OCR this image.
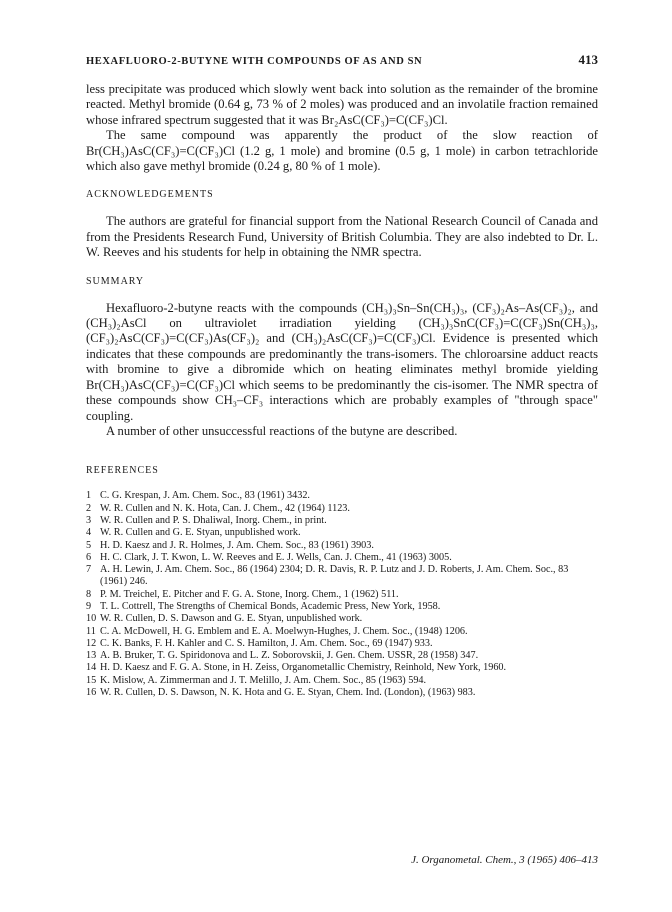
HEXAFLUORO-2-BUTYNE WITH COMPOUNDS OF AS AND SN	413

less precipitate was produced which slowly went back into solution as the remainder of the bromine reacted. Methyl bromide (0.64 g, 73 % of 2 moles) was produced and an involatile fraction remained whose infrared spectrum suggested that it was Br₂AsC(CF₃)=C(CF₃)Cl.

The same compound was apparently the product of the slow reaction of Br(CH₃)AsC(CF₃)=C(CF₃)Cl (1.2 g, 1 mole) and bromine (0.5 g, 1 mole) in carbon tetrachloride which also gave methyl bromide (0.24 g, 80 % of 1 mole).

ACKNOWLEDGEMENTS

The authors are grateful for financial support from the National Research Council of Canada and from the Presidents Research Fund, University of British Columbia. They are also indebted to Dr. L. W. Reeves and his students for help in obtaining the NMR spectra.

SUMMARY

Hexafluoro-2-butyne reacts with the compounds (CH₃)₃Sn–Sn(CH₃)₃, (CF₃)₂As–As(CF₃)₂, and (CH₃)₂AsCl on ultraviolet irradiation yielding (CH₃)₃SnC(CF₃)=C(CF₃)Sn(CH₃)₃, (CF₃)₂AsC(CF₃)=C(CF₃)As(CF₃)₂ and (CH₃)₂AsC(CF₃)=C(CF₃)Cl. Evidence is presented which indicates that these compounds are predominantly the trans-isomers. The chloroarsine adduct reacts with bromine to give a dibromide which on heating eliminates methyl bromide yielding Br(CH₃)AsC(CF₃)=C(CF₃)Cl which seems to be predominantly the cis-isomer. The NMR spectra of these compounds show CH₃–CF₃ interactions which are probably examples of "through space" coupling.

A number of other unsuccessful reactions of the butyne are described.

REFERENCES
1 C. G. Krespan, J. Am. Chem. Soc., 83 (1961) 3432.
2 W. R. Cullen and N. K. Hota, Can. J. Chem., 42 (1964) 1123.
3 W. R. Cullen and P. S. Dhaliwal, Inorg. Chem., in print.
4 W. R. Cullen and G. E. Styan, unpublished work.
5 H. D. Kaesz and J. R. Holmes, J. Am. Chem. Soc., 83 (1961) 3903.
6 H. C. Clark, J. T. Kwon, L. W. Reeves and E. J. Wells, Can. J. Chem., 41 (1963) 3005.
7 A. H. Lewin, J. Am. Chem. Soc., 86 (1964) 2304; D. R. Davis, R. P. Lutz and J. D. Roberts, J. Am. Chem. Soc., 83 (1961) 246.
8 P. M. Treichel, E. Pitcher and F. G. A. Stone, Inorg. Chem., 1 (1962) 511.
9 T. L. Cottrell, The Strengths of Chemical Bonds, Academic Press, New York, 1958.
10 W. R. Cullen, D. S. Dawson and G. E. Styan, unpublished work.
11 C. A. McDowell, H. G. Emblem and E. A. Moelwyn-Hughes, J. Chem. Soc., (1948) 1206.
12 C. K. Banks, F. H. Kahler and C. S. Hamilton, J. Am. Chem. Soc., 69 (1947) 933.
13 A. B. Bruker, T. G. Spiridonova and L. Z. Soborovskii, J. Gen. Chem. USSR, 28 (1958) 347.
14 H. D. Kaesz and F. G. A. Stone, in H. Zeiss, Organometallic Chemistry, Reinhold, New York, 1960.
15 K. Mislow, A. Zimmerman and J. T. Melillo, J. Am. Chem. Soc., 85 (1963) 594.
16 W. R. Cullen, D. S. Dawson, N. K. Hota and G. E. Styan, Chem. Ind. (London), (1963) 983.
J. Organometal. Chem., 3 (1965) 406–413
